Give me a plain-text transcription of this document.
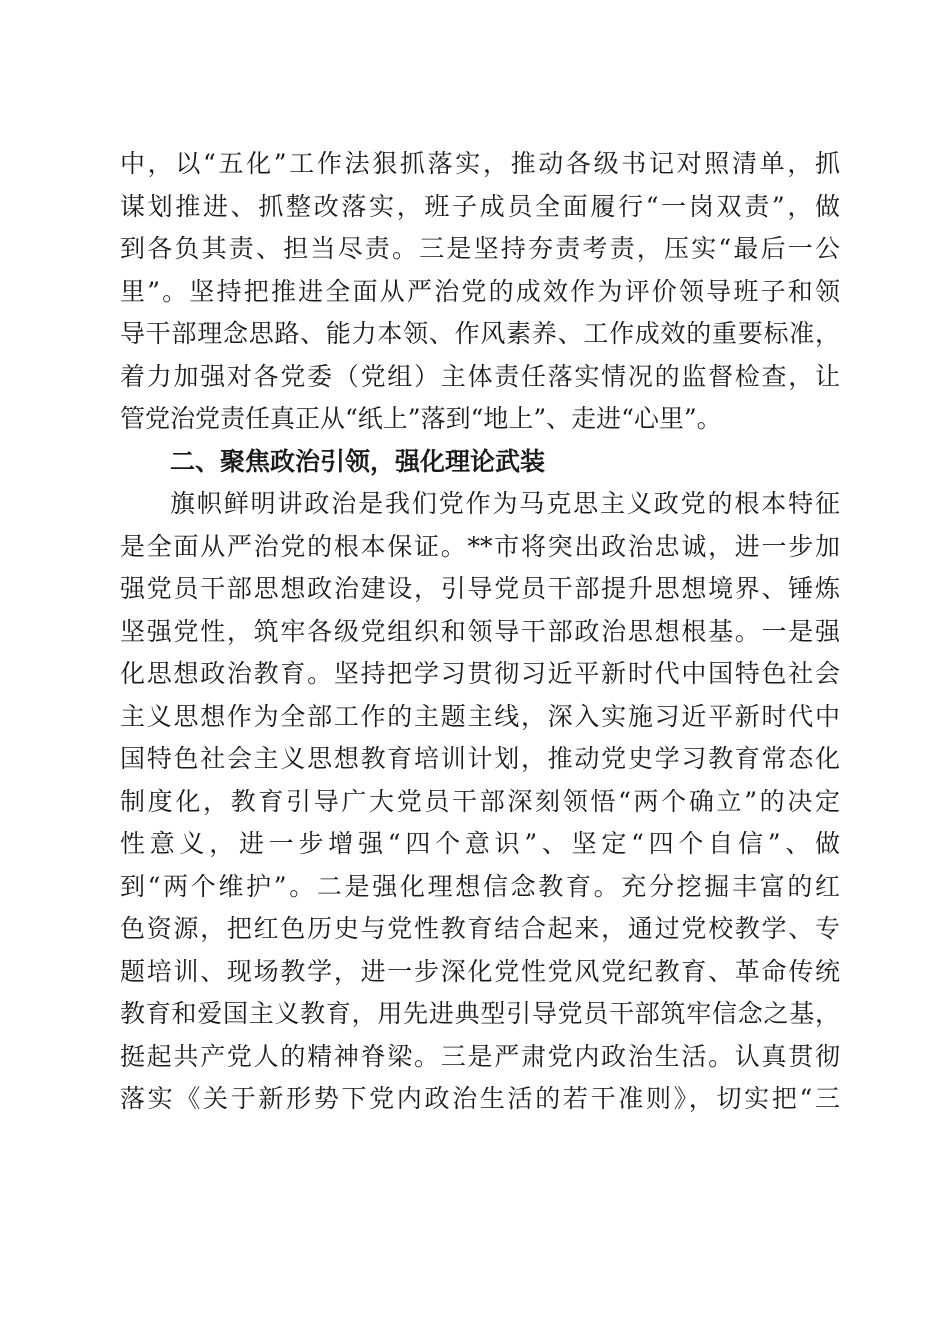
中，以“五化”工作法狠抓落实，推动各级书记对照清单，抓
谋划推进、抓整改落实，班子成员全面履行“一岗双责”，做
到各负其责、担当尽责。三是坚持夯责考责，压实“最后一公
里”。坚持把推进全面从严治党的成效作为评价领导班子和领
导干部理念思路、能力本领、作风素养、工作成效的重要标准，
着力加强对各党委（党组）主体责任落实情况的监督检查，让
管党治党责任真正从“纸上”落到“地上”、走进“心里”。
二、聚焦政治引领，强化理论武装
旗帜鲜明讲政治是我们党作为马克思主义政党的根本特征
是全面从严治党的根本保证。**市将突出政治忠诚，进一步加
强党员干部思想政治建设，引导党员干部提升思想境界、锤炼
坚强党性，筑牢各级党组织和领导干部政治思想根基。一是强
化思想政治教育。坚持把学习贯彻习近平新时代中国特色社会
主义思想作为全部工作的主题主线，深入实施习近平新时代中
国特色社会主义思想教育培训计划，推动党史学习教育常态化
制度化，教育引导广大党员干部深刻领悟“两个确立”的决定
性意义，进一步增强“四个意识”、坚定“四个自信”、做
到“两个维护”。二是强化理想信念教育。充分挖掘丰富的红
色资源，把红色历史与党性教育结合起来，通过党校教学、专
题培训、现场教学，进一步深化党性党风党纪教育、革命传统
教育和爱国主义教育，用先进典型引导党员干部筑牢信念之基，
挺起共产党人的精神脊梁。三是严肃党内政治生活。认真贯彻
落实《关于新形势下党内政治生活的若干准则》，切实把“三
